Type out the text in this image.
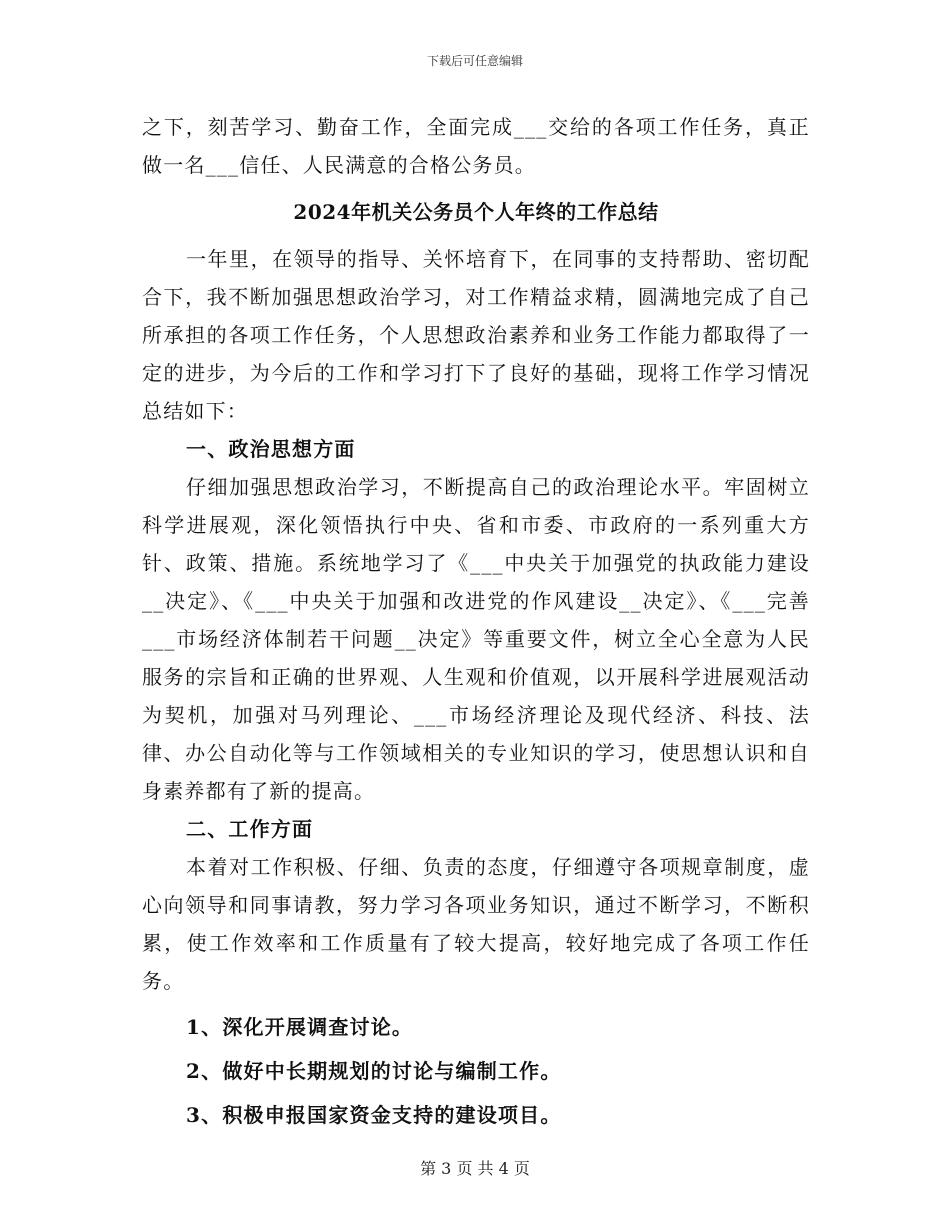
下载后可任意编辑

之下，刻苦学习、勤奋工作，全面完成___交给的各项工作任务，真正做一名___信任、人民满意的合格公务员。

2024年机关公务员个人年终的工作总结

一年里，在领导的指导、关怀培育下，在同事的支持帮助、密切配合下，我不断加强思想政治学习，对工作精益求精，圆满地完成了自己所承担的各项工作任务，个人思想政治素养和业务工作能力都取得了一定的进步，为今后的工作和学习打下了良好的基础，现将工作学习情况总结如下：

一、政治思想方面

仔细加强思想政治学习，不断提高自己的政治理论水平。牢固树立科学进展观，深化领悟执行中央、省和市委、市政府的一系列重大方针、政策、措施。系统地学习了《___中央关于加强党的执政能力建设__决定》、《___中央关于加强和改进党的作风建设__决定》、《___完善___市场经济体制若干问题__决定》等重要文件，树立全心全意为人民服务的宗旨和正确的世界观、人生观和价值观，以开展科学进展观活动为契机，加强对马列理论、___市场经济理论及现代经济、科技、法律、办公自动化等与工作领域相关的专业知识的学习，使思想认识和自身素养都有了新的提高。

二、工作方面

本着对工作积极、仔细、负责的态度，仔细遵守各项规章制度，虚心向领导和同事请教，努力学习各项业务知识，通过不断学习，不断积累，使工作效率和工作质量有了较大提高，较好地完成了各项工作任务。

1、深化开展调查讨论。

2、做好中长期规划的讨论与编制工作。

3、积极申报国家资金支持的建设项目。

第 3 页 共 4 页
